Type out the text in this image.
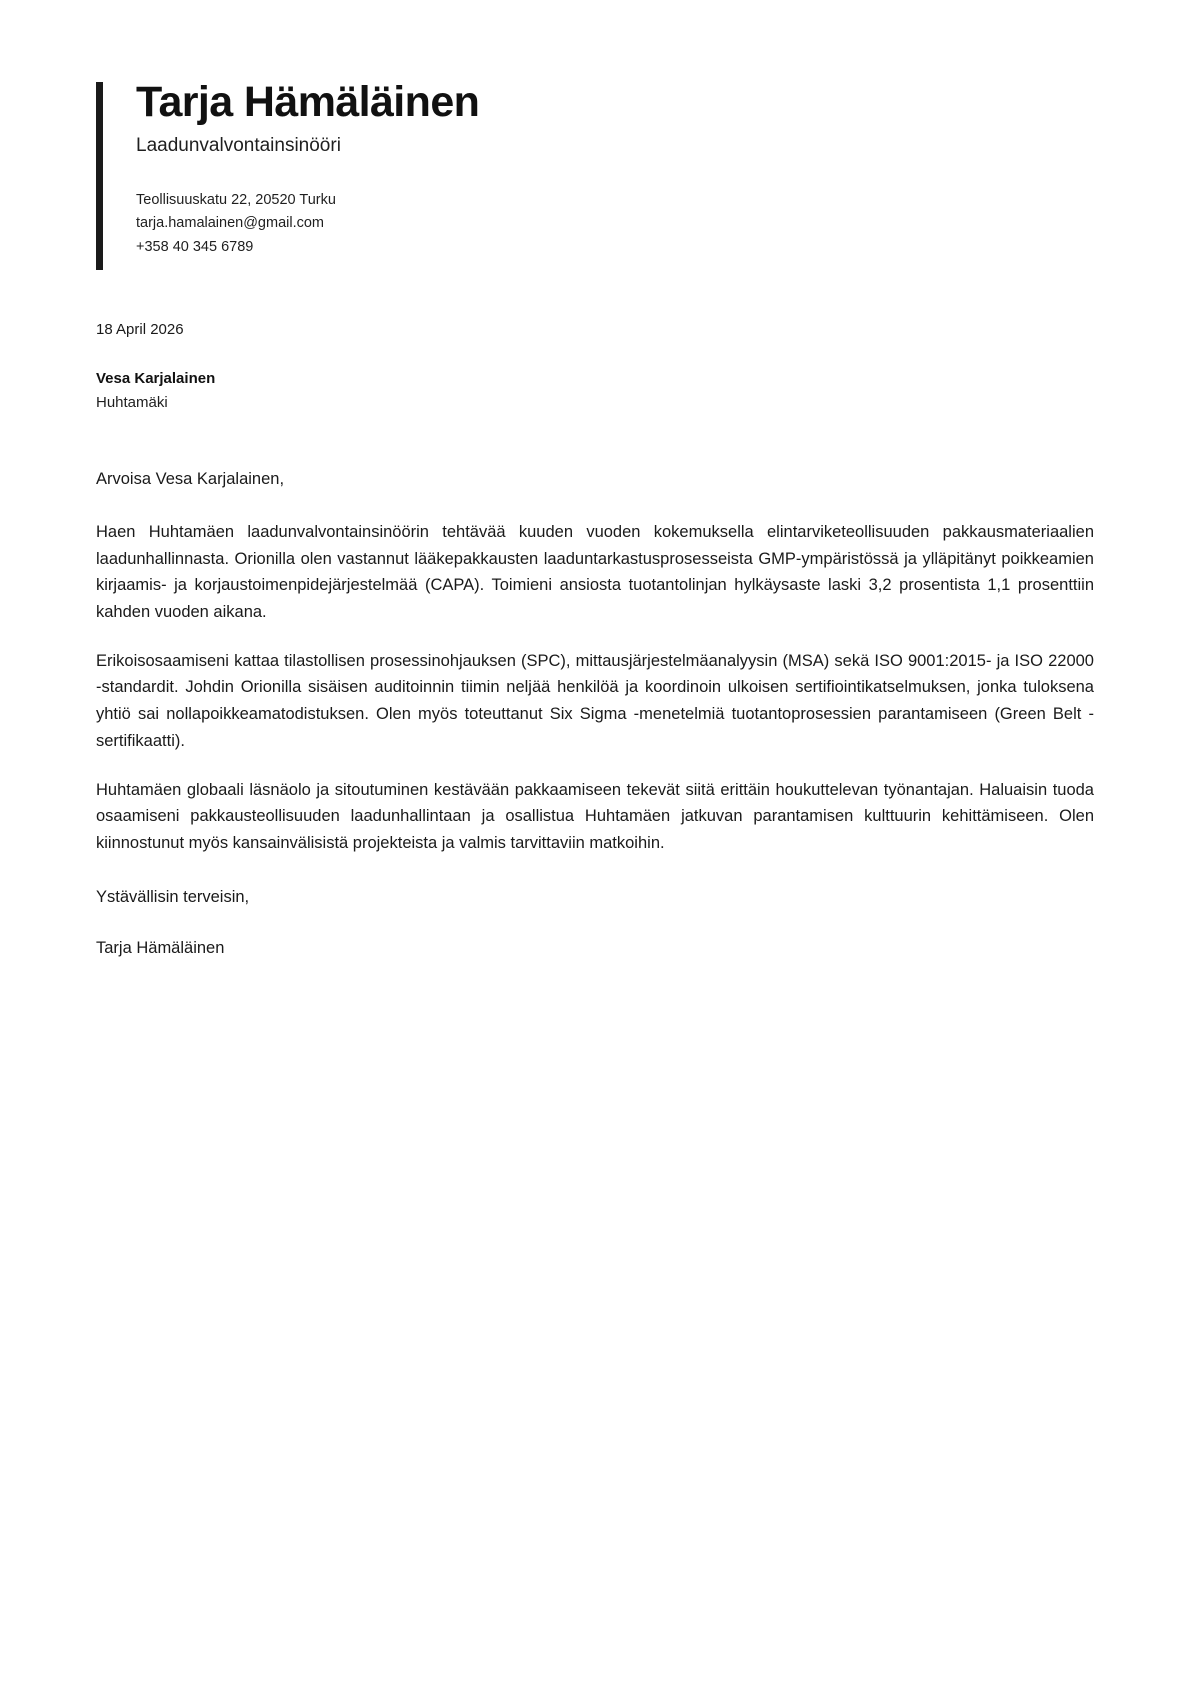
Tarja Hämäläinen
Laadunvalvontainsinööri
Teollisuuskatu 22, 20520 Turku
tarja.hamalainen@gmail.com
+358 40 345 6789
18 April 2026
Vesa Karjalainen
Huhtamäki
Arvoisa Vesa Karjalainen,

Haen Huhtamäen laadunvalvontainsinöörin tehtävää kuuden vuoden kokemuksella elintarviketeollisuuden pakkausmateriaalien laadunhallinnasta. Orionilla olen vastannut lääkepakkausten laaduntarkastusprosesseista GMP-ympäristössä ja ylläpitänyt poikkeamien kirjaamis- ja korjaustoimenpidejärjestelmää (CAPA). Toimieni ansiosta tuotantolinjan hylkäysaste laski 3,2 prosentista 1,1 prosenttiin kahden vuoden aikana.

Erikoisosaamiseni kattaa tilastollisen prosessinohjauksen (SPC), mittausjärjestelmäanalyysin (MSA) sekä ISO 9001:2015- ja ISO 22000 -standardit. Johdin Orionilla sisäisen auditoinnin tiimin neljää henkilöä ja koordinoin ulkoisen sertifiointikatselmuksen, jonka tuloksena yhtiö sai nollapoikkeamatodistuksen. Olen myös toteuttanut Six Sigma -menetelmiä tuotantoprosessien parantamiseen (Green Belt -sertifikaatti).

Huhtamäen globaali läsnäolo ja sitoutuminen kestävään pakkaamiseen tekevät siitä erittäin houkuttelevan työnantajan. Haluaisin tuoda osaamiseni pakkausteollisuuden laadunhallintaan ja osallistua Huhtamäen jatkuvan parantamisen kulttuurin kehittämiseen. Olen kiinnostunut myös kansainvälisistä projekteista ja valmis tarvittaviin matkoihin.

Ystävällisin terveisin,
Tarja Hämäläinen
